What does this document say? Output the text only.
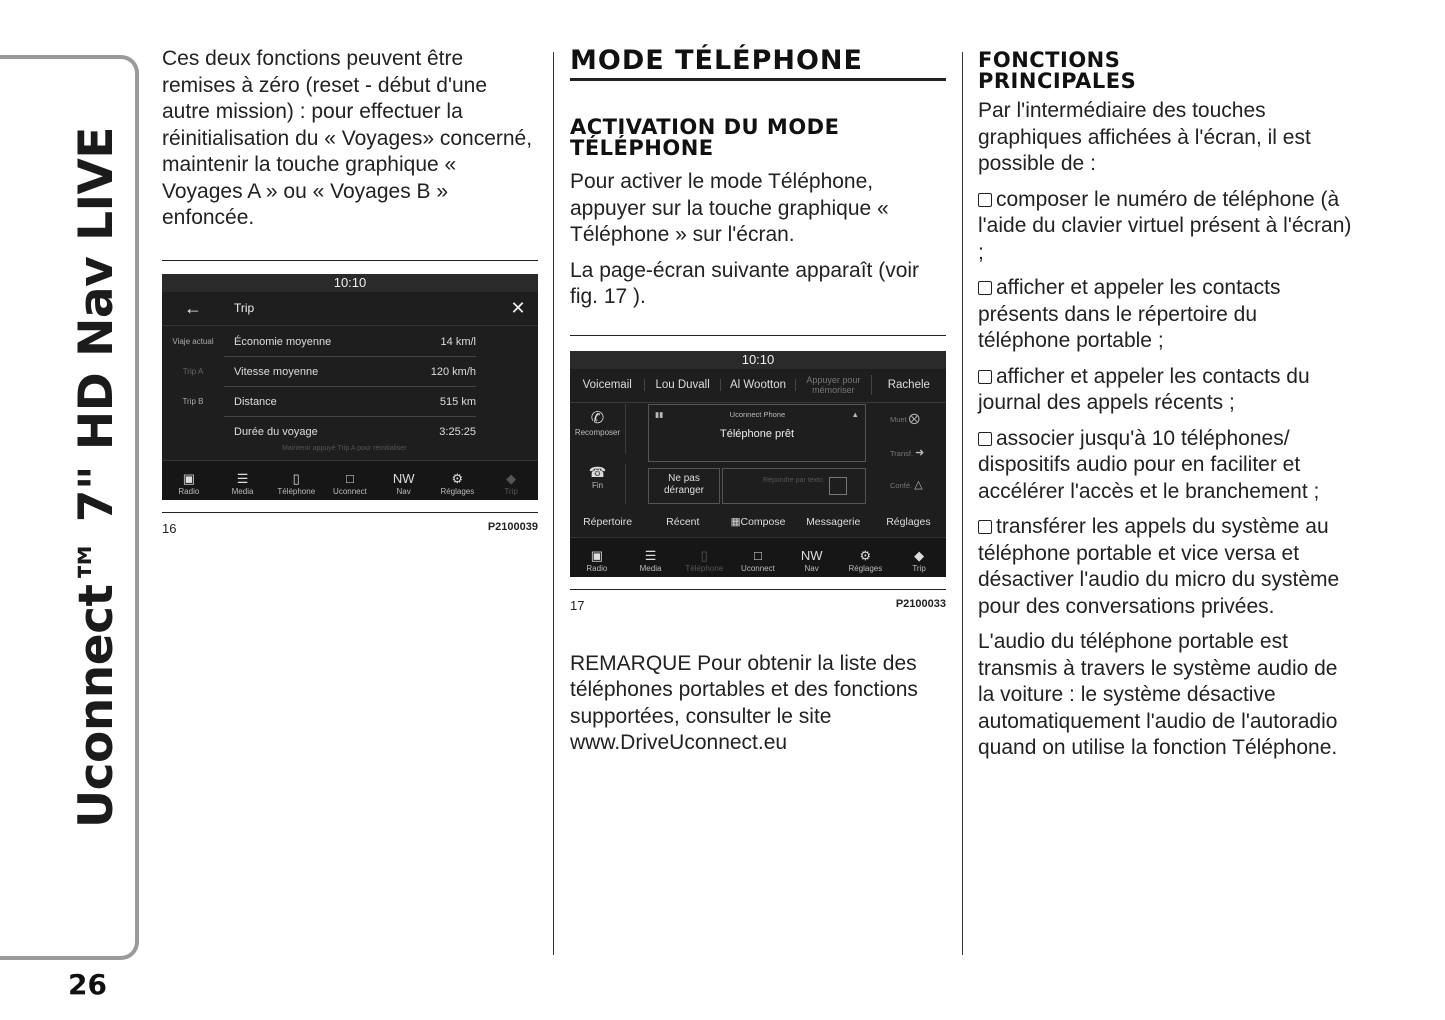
Uconnect™ 7" HD Nav LIVE
26

Ces deux fonctions peuvent être remises à zéro (reset - début d'une autre mission) : pour effectuer la réinitialisation du « Voyages» concerné, maintenir la touche graphique « Voyages A » ou « Voyages B » enfoncée.

10:10
←	Trip	✕
Viaje actual	Économie moyenne	14 km/l
Trip A	Vitesse moyenne	120 km/h
Trip B	Distance	515 km
Durée du voyage	3:25:25
Maintenir appuyé Trip A pour réinitialiser
▣
Radio
☰
Media
▯
Téléphone
□
Uconnect
NW
Nav
⚙
Réglages
◆
Trip
16	P2100039
MODE TÉLÉPHONE
ACTIVATION DU MODE TÉLÉPHONE

Pour activer le mode Téléphone, appuyer sur la touche graphique « Téléphone » sur l'écran.

La page-écran suivante apparaît (voir fig. 17 ).

10:10
Voicemail	Lou Duvall	Al Wootton	Appuyer pour mémoriser	Rachele
✆
Recomposer
☎
Fin
▮▮	Uconnect Phone	▲
Téléphone prêt
Ne pas déranger
Répondre par texto
Muet ⨂
Transf. ➜
Confé. △
Répertoire	Récent	▦Compose	Messagerie	Réglages
▣
Radio
☰
Media
▯
Téléphone
□
Uconnect
NW
Nav
⚙
Réglages
◆
Trip
17	P2100033

REMARQUE Pour obtenir la liste des téléphones portables et des fonctions supportées, consulter le site www.DriveUconnect.eu

FONCTIONS PRINCIPALES

Par l'intermédiaire des touches graphiques affichées à l'écran, il est possible de :

composer le numéro de téléphone (à l'aide du clavier virtuel présent à l'écran) ;

afficher et appeler les contacts présents dans le répertoire du téléphone portable ;

afficher et appeler les contacts du journal des appels récents ;

associer jusqu'à 10 téléphones/ dispositifs audio pour en faciliter et accélérer l'accès et le branchement ;

transférer les appels du système au téléphone portable et vice versa et désactiver l'audio du micro du système pour des conversations privées.

L'audio du téléphone portable est transmis à travers le système audio de la voiture : le système désactive automatiquement l'audio de l'autoradio quand on utilise la fonction Téléphone.
